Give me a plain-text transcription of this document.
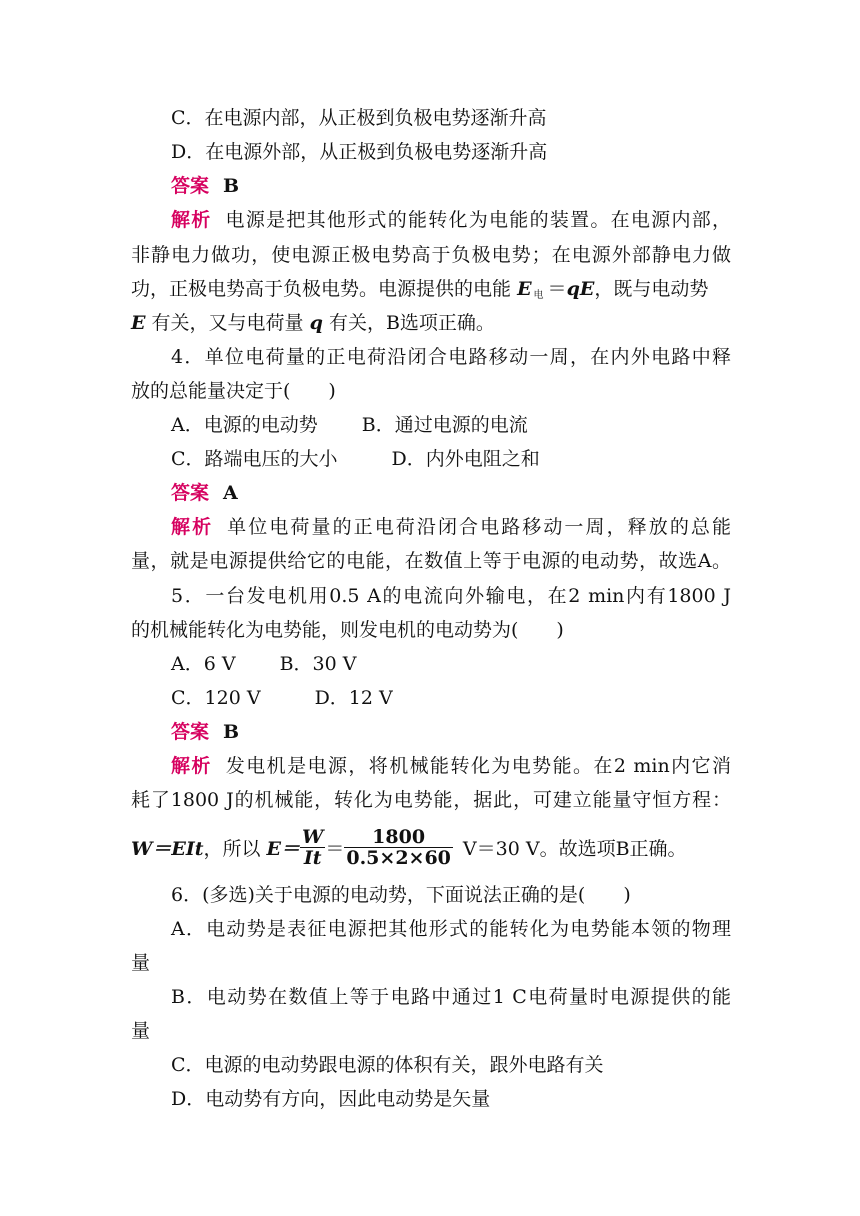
C．在电源内部，从正极到负极电势逐渐升高
D．在电源外部，从正极到负极电势逐渐升高
答案 B
解析 电源是把其他形式的能转化为电能的装置。在电源内部，
非静电力做功，使电源正极电势高于负极电势；在电源外部静电力做
功，正极电势高于负极电势。电源提供的电能 E $_电$ ＝qE，既与电动势
E 有关，又与电荷量 q 有关，B选项正确。
4．单位电荷量的正电荷沿闭合电路移动一周，在内外电路中释
放的总能量决定于(　　)
A．电源的电动势 B．通过电源的电流
C．路端电压的大小	D．内外电阻之和
答案 A
解析 单位电荷量的正电荷沿闭合电路移动一周，释放的总能
量，就是电源提供给它的电能，在数值上等于电源的电动势，故选A。
5．一台发电机用0.5 A的电流向外输电，在2 min内有1800 J
的机械能转化为电势能，则发电机的电动势为(　　)
A．6 V B．30 V
C．120 V	D．12 V
答案 B
解析 发电机是电源，将机械能转化为电势能。在2 min内它消
耗了1800 J的机械能，转化为电势能，据此，可建立能量守恒方程：
W＝EIt ，所以 $E= \frac{W}{It} = \frac{1800}{0.5\times 2\times 60} V=30$ V。故选项B正确。
6．(多选)关于电源的电动势，下面说法正确的是(　　)
A．电动势是表征电源把其他形式的能转化为电势能本领的物理
量
B．电动势在数值上等于电路中通过1 C电荷量时电源提供的能
量
C．电源的电动势跟电源的体积有关，跟外电路有关
D．电动势有方向，因此电动势是矢量
